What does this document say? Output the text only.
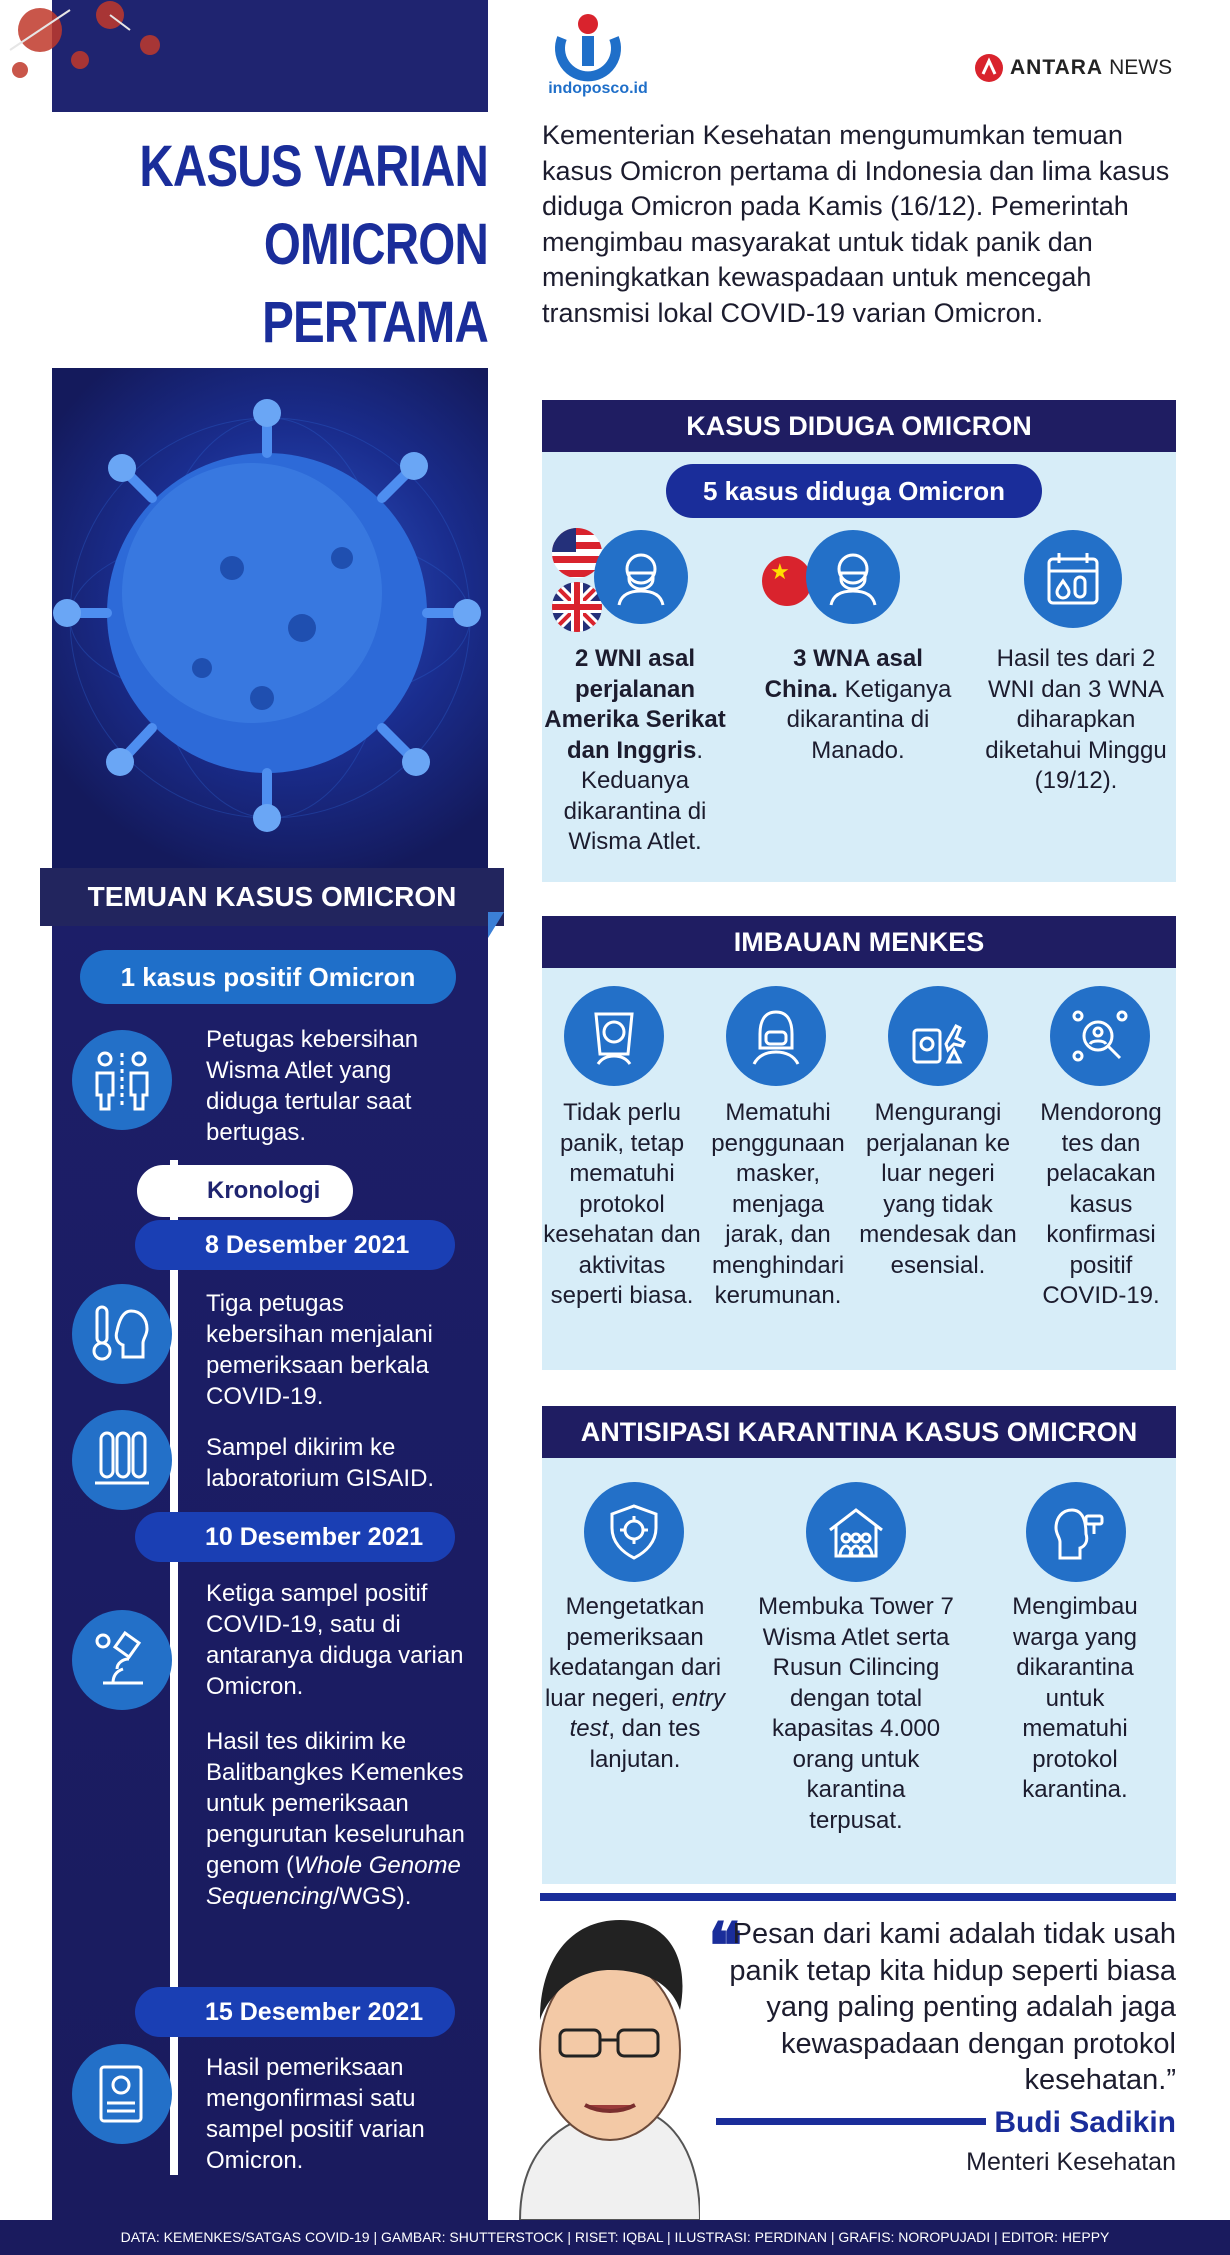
KASUS VARIAN
OMICRON PERTAMA
TEMUAN KASUS OMICRON
1 kasus positif Omicron
Petugas kebersihan Wisma Atlet yang diduga tertular saat bertugas.
Kronologi
8 Desember 2021
Tiga petugas kebersihan menjalani pemeriksaan berkala COVID-19.
Sampel dikirim ke laboratorium GISAID.
10 Desember 2021
Ketiga sampel positif COVID-19, satu di antaranya diduga varian Omicron.
Hasil tes dikirim ke Balitbangkes Kemenkes untuk pemeriksaan pengurutan keseluruhan genom (Whole Genome Sequencing/WGS).
15 Desember 2021
Hasil pemeriksaan mengonfirmasi satu sampel positif varian Omicron.
indoposco.id
ANTARA NEWS
Kementerian Kesehatan mengumumkan temuan kasus Omicron pertama di Indonesia dan lima kasus diduga Omicron pada Kamis (16/12). Pemerintah mengimbau masyarakat untuk tidak panik dan meningkatkan kewaspadaan untuk mencegah transmisi lokal COVID-19 varian Omicron.
KASUS DIDUGA OMICRON
5 kasus diduga Omicron
★
2 WNI asal perjalanan Amerika Serikat dan Inggris. Keduanya dikarantina di Wisma Atlet.
3 WNA asal China. Ketiganya dikarantina di Manado.
Hasil tes dari 2 WNI dan 3 WNA diharapkan diketahui Minggu (19/12).
IMBAUAN MENKES
Tidak perlu panik, tetap mematuhi protokol kesehatan dan aktivitas seperti biasa.
Mematuhi penggunaan masker, menjaga jarak, dan menghindari kerumunan.
Mengurangi perjalanan ke luar negeri yang tidak mendesak dan esensial.
Mendorong tes dan pelacakan kasus konfirmasi positif COVID-19.
ANTISIPASI KARANTINA KASUS OMICRON
Mengetatkan pemeriksaan kedatangan dari luar negeri, entry test, dan tes lanjutan.
Membuka Tower 7 Wisma Atlet serta Rusun Cilincing dengan total kapasitas 4.000 orang untuk karantina terpusat.
Mengimbau warga yang dikarantina untuk mematuhi protokol karantina.
❝
Pesan dari kami adalah tidak usah panik tetap kita hidup seperti biasa yang paling penting adalah jaga kewaspadaan dengan protokol kesehatan.”
Budi Sadikin
Menteri Kesehatan
DATA: KEMENKES/SATGAS COVID-19 | GAMBAR: SHUTTERSTOCK | RISET: IQBAL | ILUSTRASI: PERDINAN | GRAFIS: NOROPUJADI | EDITOR: HEPPY
